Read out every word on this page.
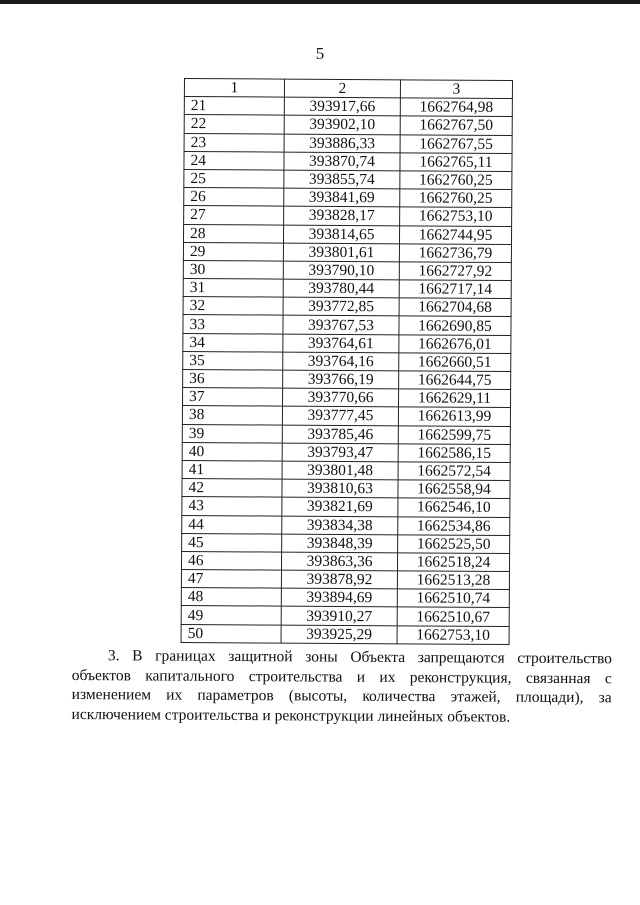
5
1	2	3
21	393917,66	1662764,98
22	393902,10	1662767,50
23	393886,33	1662767,55
24	393870,74	1662765,11
25	393855,74	1662760,25
26	393841,69	1662760,25
27	393828,17	1662753,10
28	393814,65	1662744,95
29	393801,61	1662736,79
30	393790,10	1662727,92
31	393780,44	1662717,14
32	393772,85	1662704,68
33	393767,53	1662690,85
34	393764,61	1662676,01
35	393764,16	1662660,51
36	393766,19	1662644,75
37	393770,66	1662629,11
38	393777,45	1662613,99
39	393785,46	1662599,75
40	393793,47	1662586,15
41	393801,48	1662572,54
42	393810,63	1662558,94
43	393821,69	1662546,10
44	393834,38	1662534,86
45	393848,39	1662525,50
46	393863,36	1662518,24
47	393878,92	1662513,28
48	393894,69	1662510,74
49	393910,27	1662510,67
50	393925,29	1662753,10
3. В границах защитной зоны Объекта запрещаются строительство объектов капитального строительства и их реконструкция, связанная с изменением их параметров (высоты, количества этажей, площади), за исключением строительства и реконструкции линейных объектов.
